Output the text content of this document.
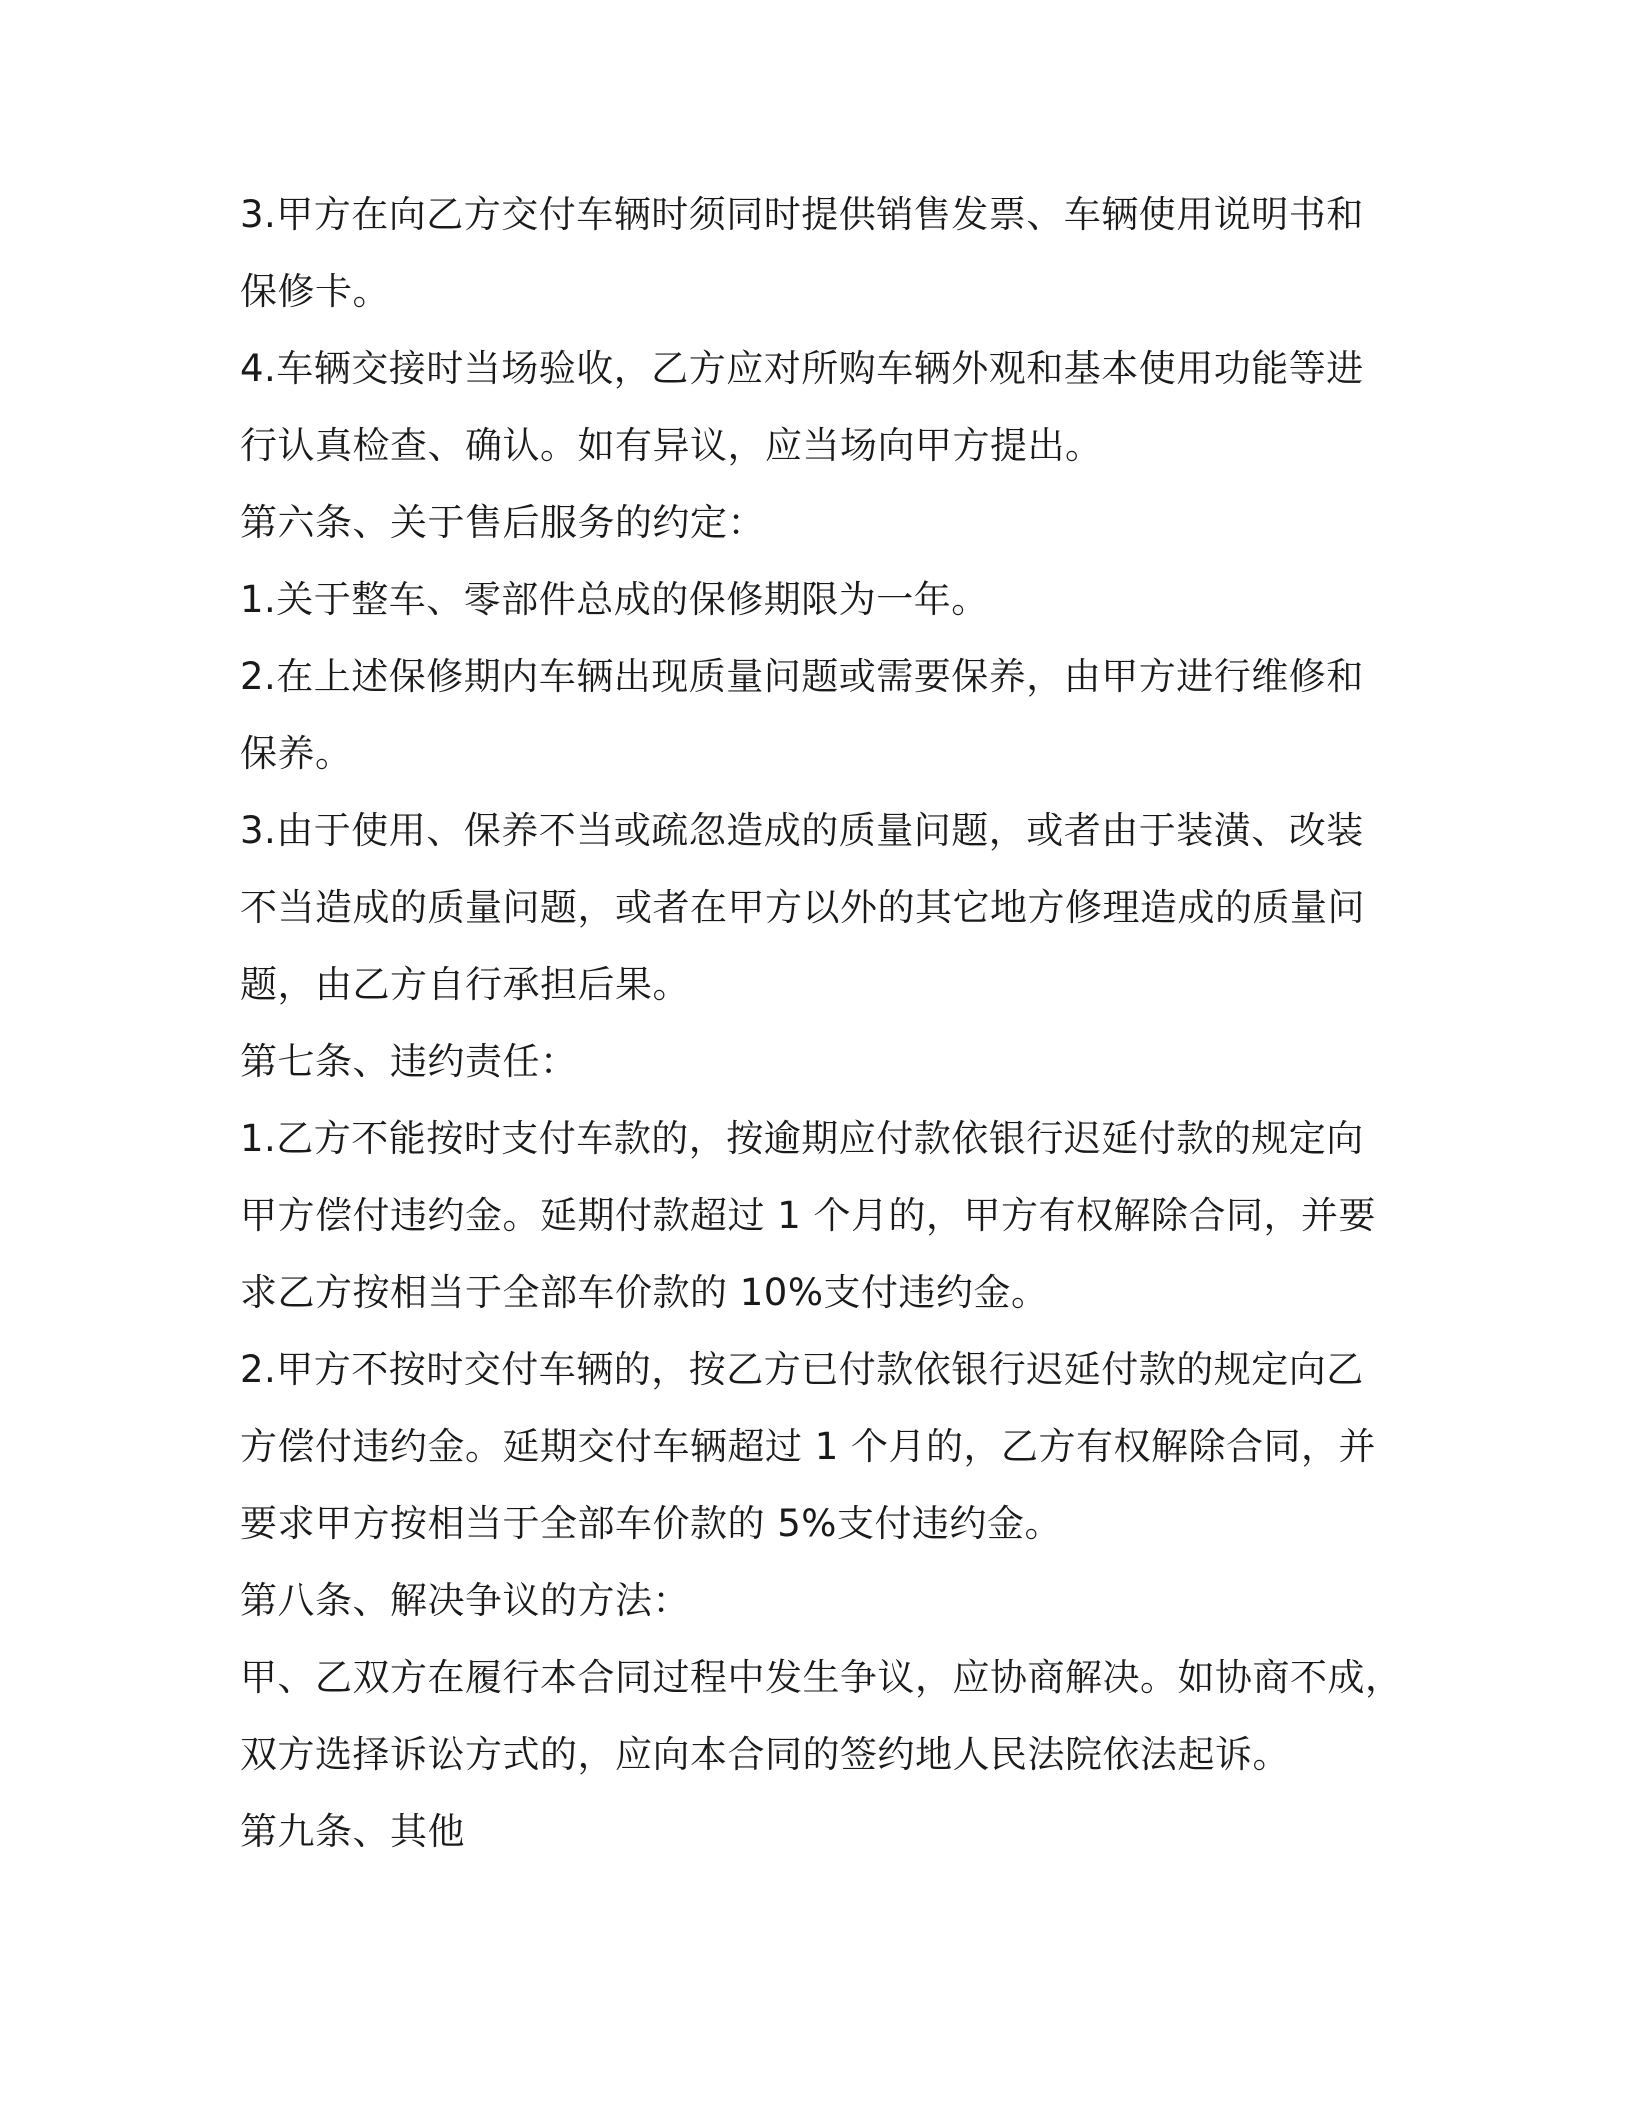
3.甲方在向乙方交付车辆时须同时提供销售发票、车辆使用说明书和
保修卡。
4.车辆交接时当场验收，乙方应对所购车辆外观和基本使用功能等进
行认真检查、确认。如有异议，应当场向甲方提出。
第六条、关于售后服务的约定：
1.关于整车、零部件总成的保修期限为一年。
2.在上述保修期内车辆出现质量问题或需要保养，由甲方进行维修和
保养。
3.由于使用、保养不当或疏忽造成的质量问题，或者由于装潢、改装
不当造成的质量问题，或者在甲方以外的其它地方修理造成的质量问
题，由乙方自行承担后果。
第七条、违约责任：
1.乙方不能按时支付车款的，按逾期应付款依银行迟延付款的规定向
甲方偿付违约金。延期付款超过 1 个月的，甲方有权解除合同，并要
求乙方按相当于全部车价款的 10%支付违约金。
2.甲方不按时交付车辆的，按乙方已付款依银行迟延付款的规定向乙
方偿付违约金。延期交付车辆超过 1 个月的，乙方有权解除合同，并
要求甲方按相当于全部车价款的 5%支付违约金。
第八条、解决争议的方法：
甲、乙双方在履行本合同过程中发生争议，应协商解决。如协商不成，
双方选择诉讼方式的，应向本合同的签约地人民法院依法起诉。
第九条、其他
